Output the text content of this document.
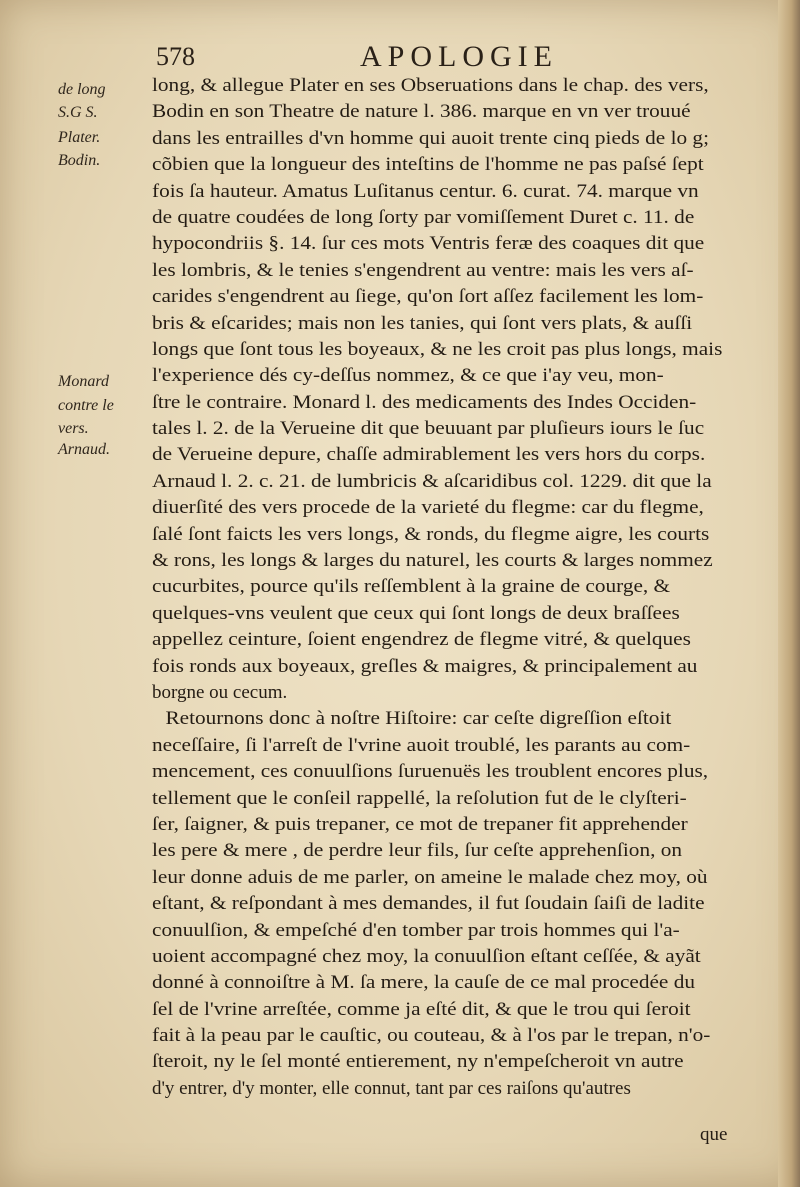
578	APOLOGIE
de long
S.G S.
Plater.
Bodin.
Monard
contre le
vers.
Arnaud.
long, & allegue Plater en ses Obseruations dans le chap. des vers,
Bodin en son Theatre de nature l. 386. marque en vn ver trouué
dans les entrailles d'vn homme qui auoit trente cinq pieds de lo g;
cõbien que la longueur des inteſtins de l'homme ne pas paſsé ſept
fois ſa hauteur. Amatus Luſitanus centur. 6. curat. 74. marque vn
de quatre coudées de long ſorty par vomiſſement Duret c. 11. de
hypocondriis §. 14. ſur ces mots Ventris feræ des coaques dit que
les lombris, & le tenies s'engendrent au ventre: mais les vers aſ-
carides s'engendrent au ſiege, qu'on ſort aſſez facilement les lom-
bris & eſcarides; mais non les tanies, qui ſont vers plats, & auſſi
longs que ſont tous les boyeaux, & ne les croit pas plus longs, mais
l'experience dés cy-deſſus nommez, & ce que i'ay veu, mon-
ſtre le contraire. Monard l. des medicaments des Indes Occiden-
tales l. 2. de la Verueine dit que beuuant par pluſieurs iours le ſuc
de Verueine depure, chaſſe admirablement les vers hors du corps.
Arnaud l. 2. c. 21. de lumbricis & aſcaridibus col. 1229. dit que la
diuerſité des vers procede de la varieté du flegme: car du flegme,
ſalé ſont faicts les vers longs, & ronds, du flegme aigre, les courts
& rons, les longs & larges du naturel, les courts & larges nommez
cucurbites, pource qu'ils reſſemblent à la graine de courge, &
quelques-vns veulent que ceux qui ſont longs de deux braſſees
appellez ceinture, ſoient engendrez de flegme vitré, & quelques
fois ronds aux boyeaux, greſles & maigres, & principalement au
borgne ou cecum.
Retournons donc à noſtre Hiſtoire: car ceſte digreſſion eſtoit
neceſſaire, ſi l'arreſt de l'vrine auoit troublé, les parants au com-
mencement, ces conuulſions ſuruenuës les troublent encores plus,
tellement que le conſeil rappellé, la reſolution fut de le clyſteri-
ſer, ſaigner, & puis trepaner, ce mot de trepaner fit apprehender
les pere & mere , de perdre leur fils, ſur ceſte apprehenſion, on
leur donne aduis de me parler, on ameine le malade chez moy, où
eſtant, & reſpondant à mes demandes, il fut ſoudain ſaiſi de ladite
conuulſion, & empeſché d'en tomber par trois hommes qui l'a-
uoient accompagné chez moy, la conuulſion eſtant ceſſée, & ayãt
donné à connoiſtre à M. ſa mere, la cauſe de ce mal procedée du
ſel de l'vrine arreſtée, comme ja eſté dit, & que le trou qui ſeroit
fait à la peau par le cauſtic, ou couteau, & à l'os par le trepan, n'o-
ſteroit, ny le ſel monté entierement, ny n'empeſcheroit vn autre
d'y entrer, d'y monter, elle connut, tant par ces raiſons qu'autres
que
